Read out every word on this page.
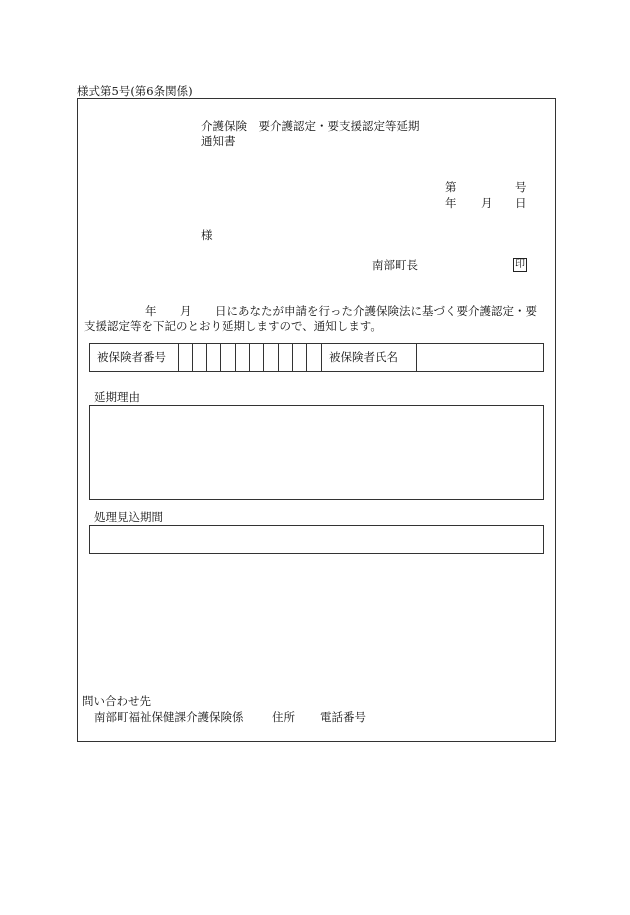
様式第5号(第6条関係)
介護保険　要介護認定・要支援認定等延期
通知書
第	号
年 月 日
様
南部町長	印
年 月 日にあなたが申請を行った介護保険法に基づく要介護認定・要
支援認定等を下記のとおり延期しますので、通知します。
被保険者番号	被保険者氏名
延期理由
処理見込期間
問い合わせ先
南部町福祉保健課介護保険係 住所 電話番号
